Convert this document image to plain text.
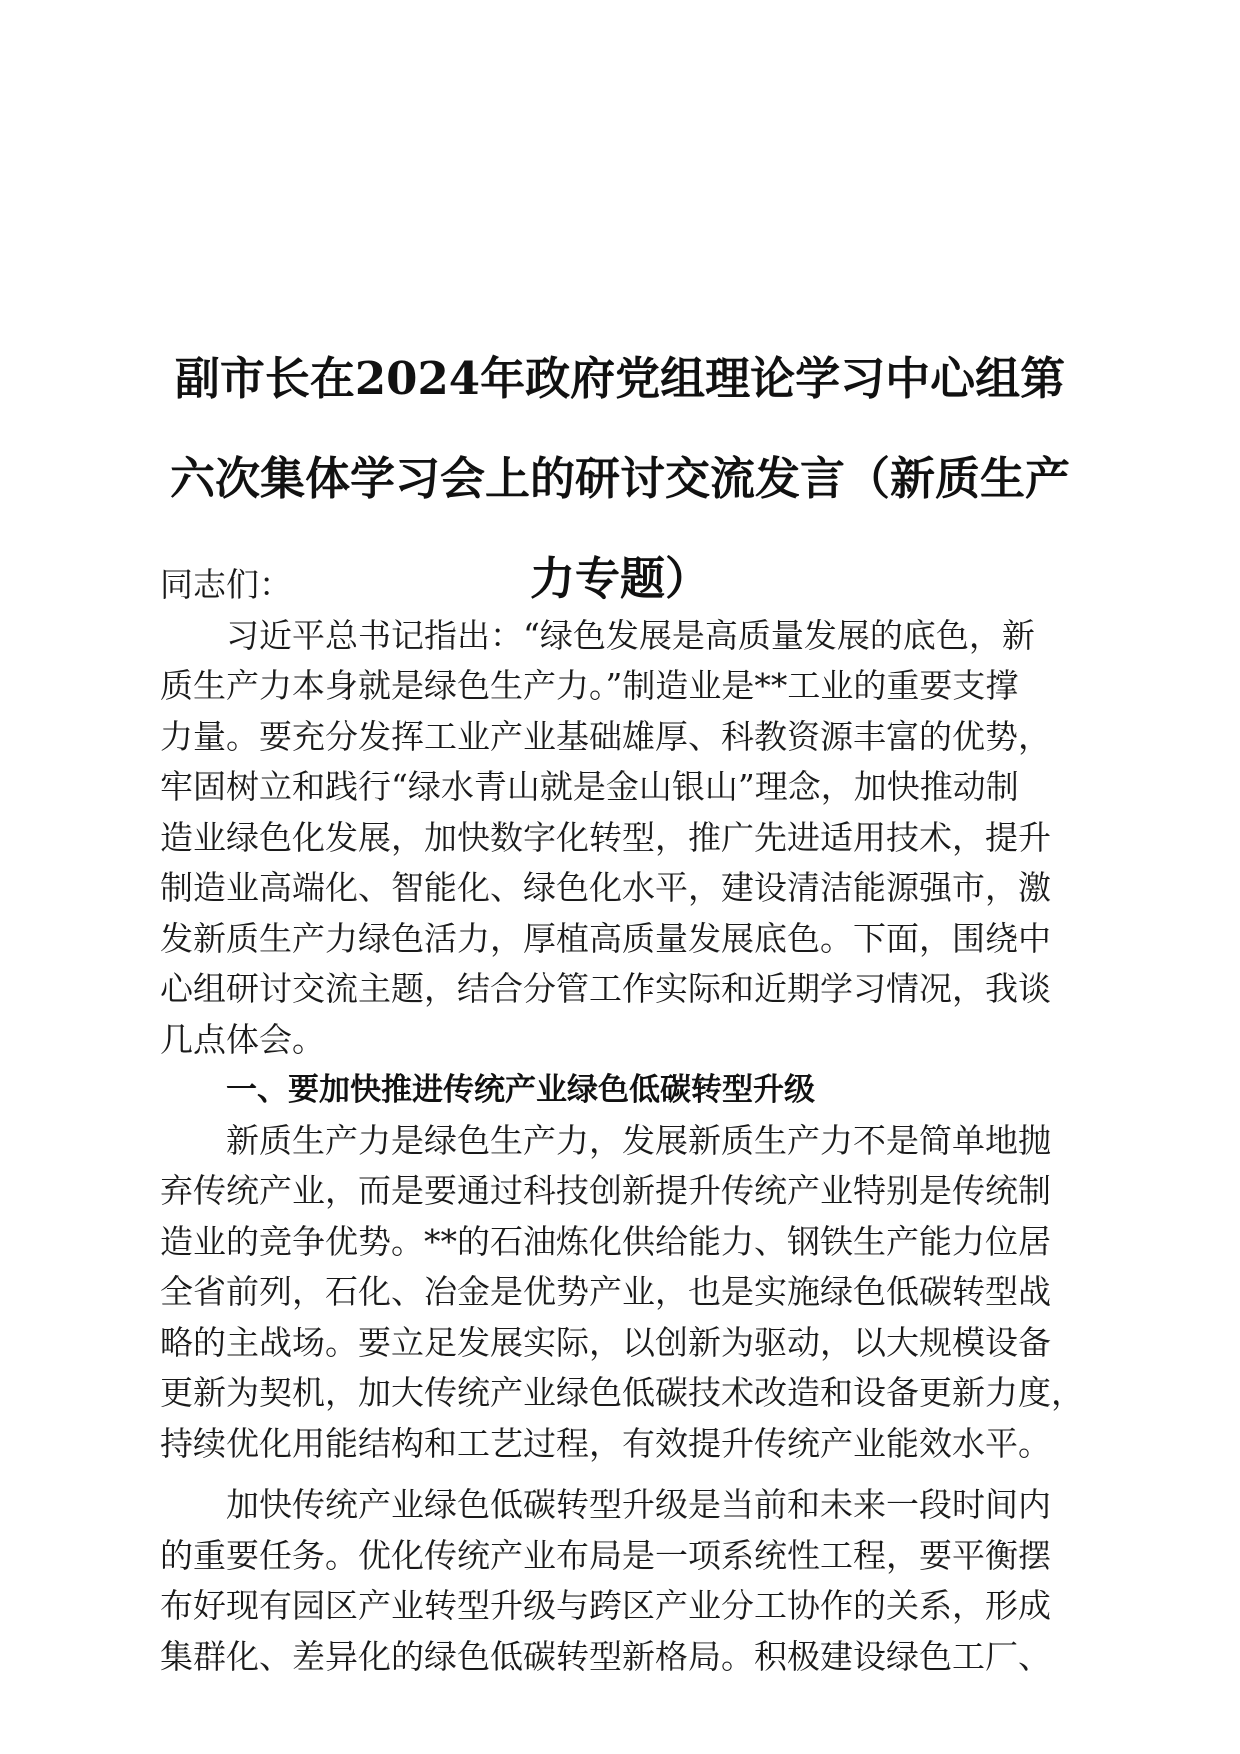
副市长在2024年政府党组理论学习中心组第
六次集体学习会上的研讨交流发言（新质生产
力专题）

同志们：

习近平总书记指出：“绿色发展是高质量发展的底色，新
质生产力本身就是绿色生产力。”制造业是**工业的重要支撑
力量。要充分发挥工业产业基础雄厚、科教资源丰富的优势，
牢固树立和践行“绿水青山就是金山银山”理念，加快推动制
造业绿色化发展，加快数字化转型，推广先进适用技术，提升
制造业高端化、智能化、绿色化水平，建设清洁能源强市，激
发新质生产力绿色活力，厚植高质量发展底色。下面，围绕中
心组研讨交流主题，结合分管工作实际和近期学习情况，我谈
几点体会。

一、要加快推进传统产业绿色低碳转型升级

新质生产力是绿色生产力，发展新质生产力不是简单地抛
弃传统产业，而是要通过科技创新提升传统产业特别是传统制
造业的竞争优势。**的石油炼化供给能力、钢铁生产能力位居
全省前列，石化、冶金是优势产业，也是实施绿色低碳转型战
略的主战场。要立足发展实际，以创新为驱动，以大规模设备
更新为契机，加大传统产业绿色低碳技术改造和设备更新力度，
持续优化用能结构和工艺过程，有效提升传统产业能效水平。

加快传统产业绿色低碳转型升级是当前和未来一段时间内
的重要任务。优化传统产业布局是一项系统性工程，要平衡摆
布好现有园区产业转型升级与跨区产业分工协作的关系，形成
集群化、差异化的绿色低碳转型新格局。积极建设绿色工厂、
